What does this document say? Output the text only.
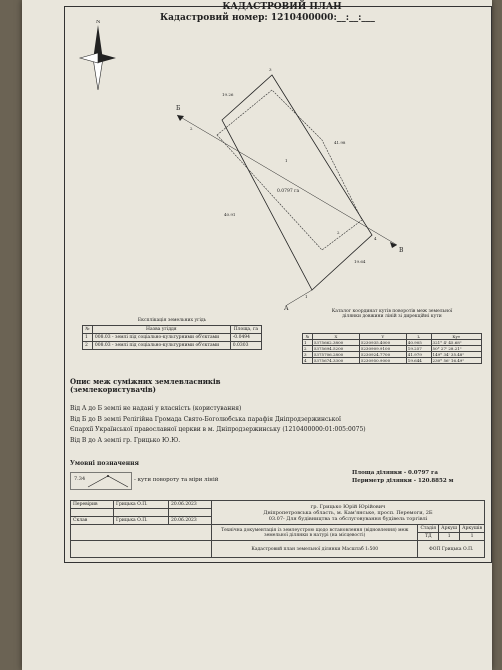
КАДАСТРОВИЙ ПЛАН
Кадастровий номер: 1210400000:__:__:___
N
Б
В
А
3
2
4
1
19.26
41.98
40.91
19.64
1
0.0797 га
2
Експлікація земельних угідь
№	Назва угіддя	Площа, га
1	008.03 - землі під соціально-культурними об'єктами	-0.0494
2	008.03 - землі під соціально-культурними об'єктами	0.0303
Каталог координат кутів поворотів меж земельної ділянки довжини ліній зі дирекційні кути
№	X	Y	L	Кут
1	5375662.3800	5230935.4000	40.905	321° 4' 45.68"
2	5375694.5200	5230909.9100	19.257	50° 27' 28.21"
3	5375706.2800	5230924.7700	41.979	149° 34' 35.48"
4	5375674.3300	5230950.9000	19.644	230° 56' 16.49"
Опис меж суміжних землевласників (землекористувачів)
Від А до Б землі не надані у власність (користування)
Від Б до В землі Релігійна Громада Свято-Боголюбська парафія Дніпродзержинської
Єпархії Української православної церкви в м. Дніпродзержинську (1210400000:01:005:0075)
Від В до А землі гр. Грицько Ю.Ю.
Умовні позначення
7.34	- кути повороту та міри ліній
Площа ділянки - 0.0797 га
Периметр ділянки - 120.8852 м
Перевірив	Грицька О.П.	20.06.2023	гр. Грицько Юрій Юрійович
Дніпропетровська область, м. Кам'янське, просп. Перемоги, 2Б
03.07- Для будівництва та обслуговування будівель торгівлі			

Склав	Грицька О.П.	20.06.2023				
			Технічна документація із землеустрою щодо встановлення (відновлення) меж земельної ділянки в натурі (на місцевості)	Стадія	Аркуш	Аркушів
				ТД	1	1
			Кадастровий план земельної ділянки Масштаб 1:500	ФОП Грицька О.П.		
